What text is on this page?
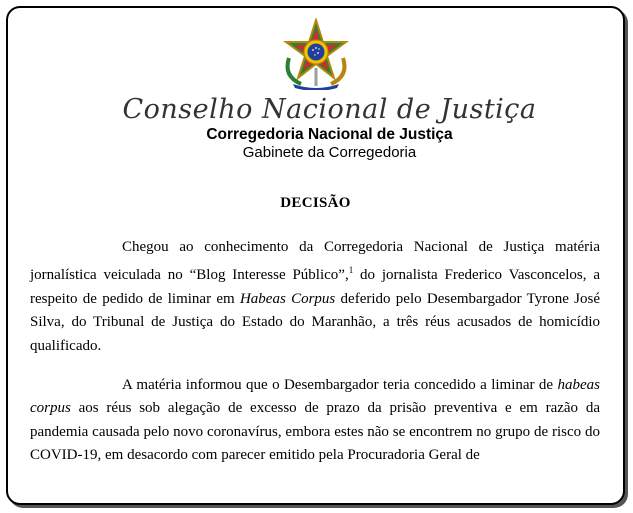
Conselho Nacional de Justiça
Corregedoria Nacional de Justiça
Gabinete da Corregedoria
DECISÃO

Chegou ao conhecimento da Corregedoria Nacional de Justiça matéria jornalística veiculada no “Blog Interesse Público”,$^1$ do jornalista Frederico Vasconcelos, a respeito de pedido de liminar em Habeas Corpus deferido pelo Desembargador Tyrone José Silva, do Tribunal de Justiça do Estado do Maranhão, a três réus acusados de homicídio qualificado.

A matéria informou que o Desembargador teria concedido a liminar de habeas corpus aos réus sob alegação de excesso de prazo da prisão preventiva e em razão da pandemia causada pelo novo coronavírus, embora estes não se encontrem no grupo de risco do COVID-19, em desacordo com parecer emitido pela Procuradoria Geral de
